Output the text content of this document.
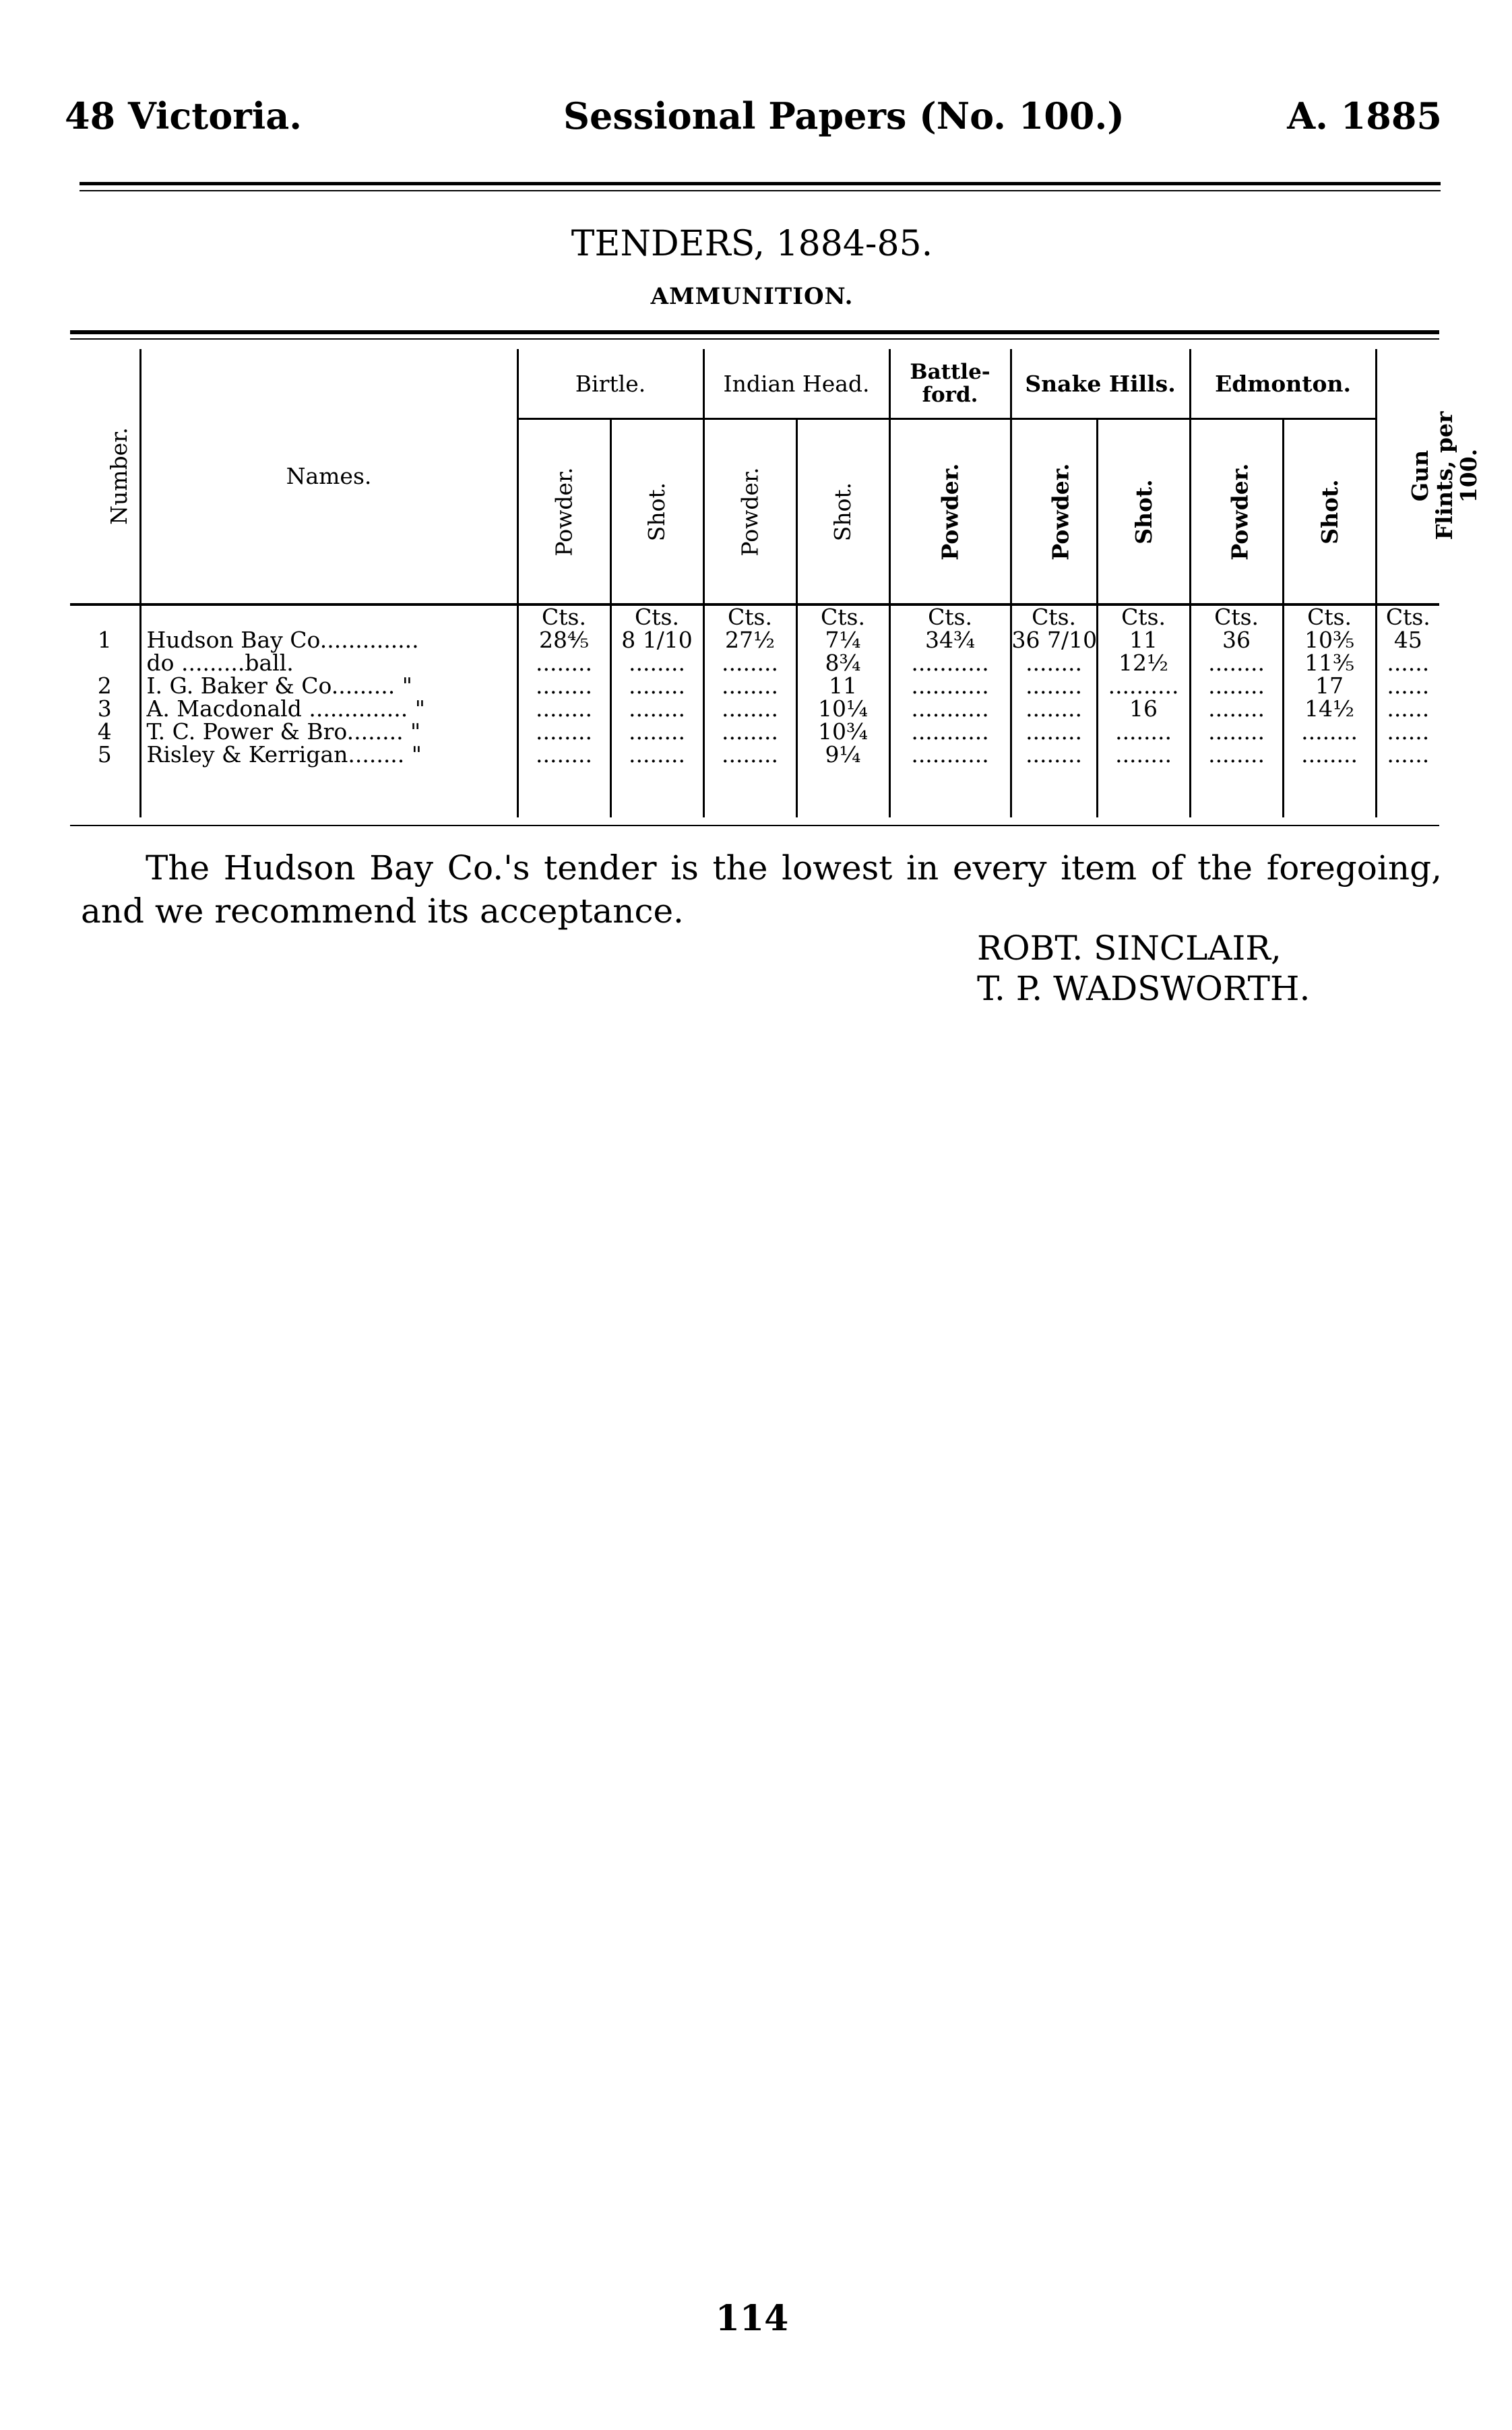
48 Victoria.	Sessional Papers (No. 100.)	A. 1885
TENDERS, 1884-85.
AMMUNITION.
Number.	Names.	Birtle.		Indian Head.		Battle-ford.	Snake Hills.		Edmonton.		Gun Flints, per 100.
		Powder.	Shot.	Powder.	Shot.	Powder.	Powder.	Shot.	Powder.	Shot.	
		Cts.	Cts.	Cts.	Cts.	Cts.	Cts.	Cts.	Cts.	Cts.	Cts.
1	Hudson Bay Co..............	28⅘	8 1/10	27½	7¼	34¾	36 7/10	11	36	10⅗	45
	do .........ball.	........	........	........	8¾	...........	........	12½	........	11⅗	......
2	I. G. Baker & Co......... "	........	........	........	11	...........	........	..........	........	17	......
3	A. Macdonald .............. "	........	........	........	10¼	...........	........	16	........	14½	......
4	T. C. Power & Bro........ "	........	........	........	10¾	...........	........	........	........	........	......
5	Risley & Kerrigan........ "	........	........	........	9¼	...........	........	........	........	........	......
The Hudson Bay Co.'s tender is the lowest in every item of the foregoing, and we recommend its acceptance.
ROBT. SINCLAIR,
T. P. WADSWORTH.
114
